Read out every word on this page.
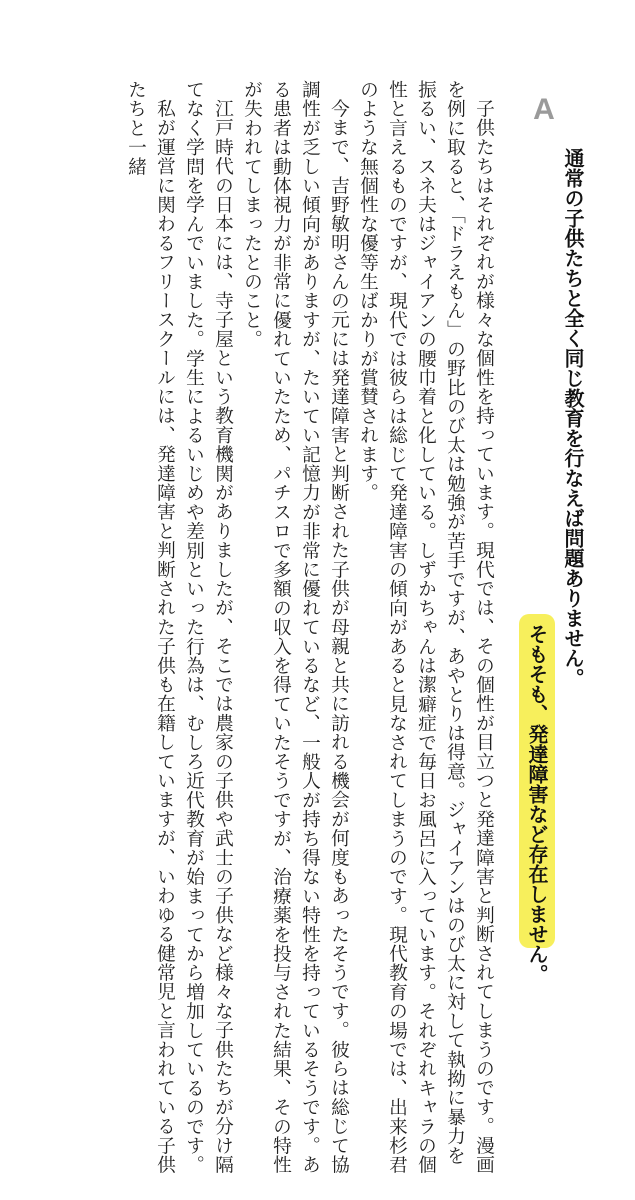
A
通常の子供たちと全く同じ教育を行なえば問題ありません。
そもそも、発達障害など存在しません。

子供たちはそれぞれが様々な個性を持っています。現代では、その個性が目立つと発達障害と判断されてしまうのです。漫画を例に取ると、「ドラえもん」の野比のび太は勉強が苦手ですが、あやとりは得意。ジャイアンはのび太に対して執拗に暴力を振るい、スネ夫はジャイアンの腰巾着と化している。しずかちゃんは潔癖症で毎日お風呂に入っています。それぞれキャラの個性と言えるものですが、現代では彼らは総じて発達障害の傾向があると見なされてしまうのです。現代教育の場では、出来杉君のような無個性な優等生ばかりが賞賛されます。

今まで、吉野敏明さんの元には発達障害と判断された子供が母親と共に訪れる機会が何度もあったそうです。彼らは総じて協調性が乏しい傾向がありますが、たいてい記憶力が非常に優れているなど、一般人が持ち得ない特性を持っているそうです。ある患者は動体視力が非常に優れていたため、パチスロで多額の収入を得ていたそうですが、治療薬を投与された結果、その特性が失われてしまったとのこと。

江戸時代の日本には、寺子屋という教育機関がありましたが、そこでは農家の子供や武士の子供など様々な子供たちが分け隔てなく学問を学んでいました。学生によるいじめや差別といった行為は、むしろ近代教育が始まってから増加しているのです。

私が運営に関わるフリースクールには、発達障害と判断された子供も在籍していますが、いわゆる健常児と言われている子供たちと一緒
